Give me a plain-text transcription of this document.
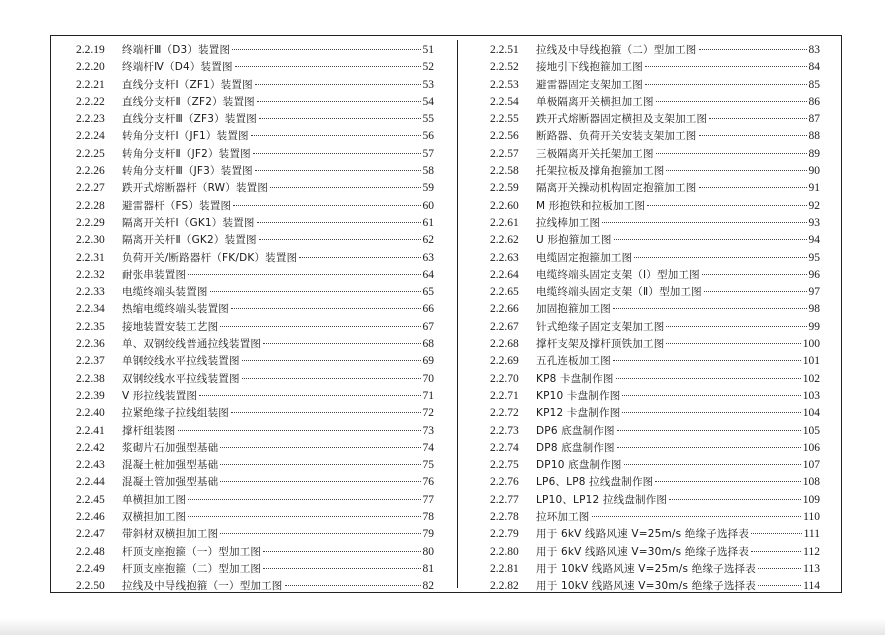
2.2.19	终端杆Ⅲ（D3）装置图	51
2.2.20	终端杆Ⅳ（D4）装置图	52
2.2.21	直线分支杆Ⅰ（ZF1）装置图	53
2.2.22	直线分支杆Ⅱ（ZF2）装置图	54
2.2.23	直线分支杆Ⅲ（ZF3）装置图	55
2.2.24	转角分支杆Ⅰ（JF1）装置图	56
2.2.25	转角分支杆Ⅱ（JF2）装置图	57
2.2.26	转角分支杆Ⅲ（JF3）装置图	58
2.2.27	跌开式熔断器杆（RW）装置图	59
2.2.28	避雷器杆（FS）装置图	60
2.2.29	隔离开关杆Ⅰ（GK1）装置图	61
2.2.30	隔离开关杆Ⅱ（GK2）装置图	62
2.2.31	负荷开关/断路器杆（FK/DK）装置图	63
2.2.32	耐张串装置图	64
2.2.33	电缆终端头装置图	65
2.2.34	热缩电缆终端头装置图	66
2.2.35	接地装置安装工艺图	67
2.2.36	单、双钢绞线普通拉线装置图	68
2.2.37	单钢绞线水平拉线装置图	69
2.2.38	双钢绞线水平拉线装置图	70
2.2.39	V 形拉线装置图	71
2.2.40	拉紧绝缘子拉线组装图	72
2.2.41	撑杆组装图	73
2.2.42	浆砌片石加强型基础	74
2.2.43	混凝土桩加强型基础	75
2.2.44	混凝土管加强型基础	76
2.2.45	单横担加工图	77
2.2.46	双横担加工图	78
2.2.47	带斜材双横担加工图	79
2.2.48	杆顶支座抱箍（一）型加工图	80
2.2.49	杆顶支座抱箍（二）型加工图	81
2.2.50	拉线及中导线抱箍（一）型加工图	82
2.2.51	拉线及中导线抱箍（二）型加工图	83
2.2.52	接地引下线抱箍加工图	84
2.2.53	避雷器固定支架加工图	85
2.2.54	单极隔离开关横担加工图	86
2.2.55	跌开式熔断器固定横担及支架加工图	87
2.2.56	断路器、负荷开关安装支架加工图	88
2.2.57	三极隔离开关托架加工图	89
2.2.58	托架拉板及撑角抱箍加工图	90
2.2.59	隔离开关操动机构固定抱箍加工图	91
2.2.60	M 形抱铁和拉板加工图	92
2.2.61	拉线棒加工图	93
2.2.62	U 形抱箍加工图	94
2.2.63	电缆固定抱箍加工图	95
2.2.64	电缆终端头固定支架（Ⅰ）型加工图	96
2.2.65	电缆终端头固定支架（Ⅱ）型加工图	97
2.2.66	加固抱箍加工图	98
2.2.67	针式绝缘子固定支架加工图	99
2.2.68	撑杆支架及撑杆顶铁加工图	100
2.2.69	五孔连板加工图	101
2.2.70	KP8 卡盘制作图	102
2.2.71	KP10 卡盘制作图	103
2.2.72	KP12 卡盘制作图	104
2.2.73	DP6 底盘制作图	105
2.2.74	DP8 底盘制作图	106
2.2.75	DP10 底盘制作图	107
2.2.76	LP6、LP8 拉线盘制作图	108
2.2.77	LP10、LP12 拉线盘制作图	109
2.2.78	拉环加工图	110
2.2.79	用于 6kV 线路风速 V=25m/s 绝缘子选择表	111
2.2.80	用于 6kV 线路风速 V=30m/s 绝缘子选择表	112
2.2.81	用于 10kV 线路风速 V=25m/s 绝缘子选择表	113
2.2.82	用于 10kV 线路风速 V=30m/s 绝缘子选择表	114
